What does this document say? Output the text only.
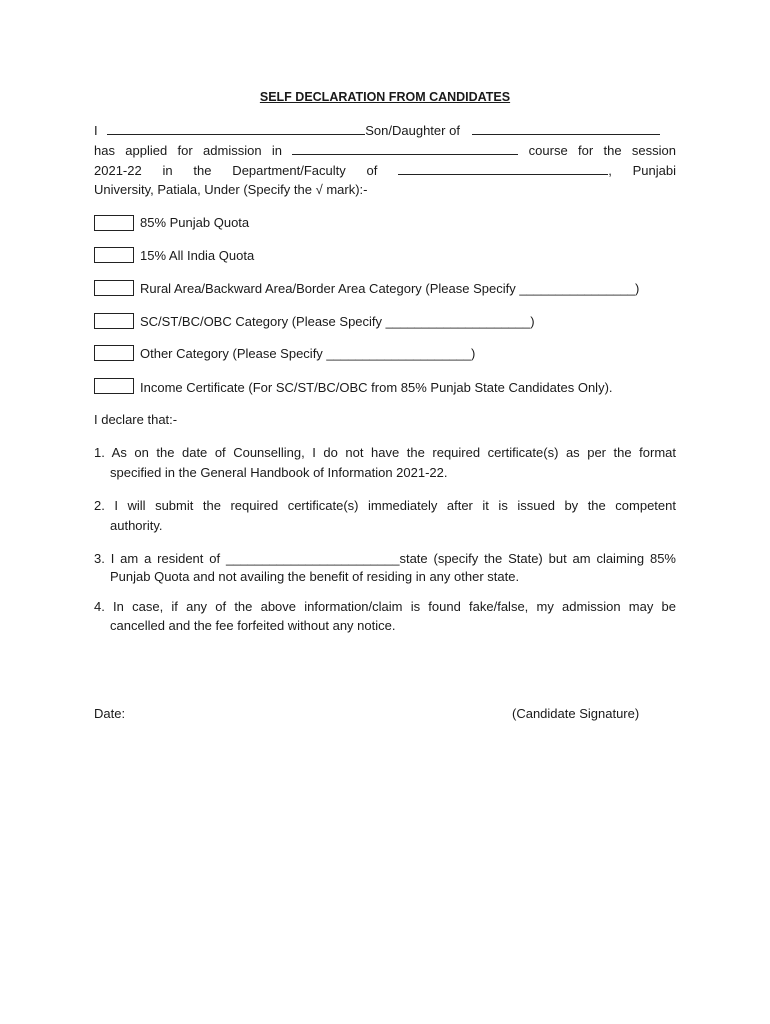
SELF DECLARATION FROM CANDIDATES
I	Son/Daughter of
has applied for admission in	course for the session
2021-22 in the Department/Faculty of	, Punjabi
University, Patiala, Under (Specify the √ mark):-
85% Punjab Quota
15% All India Quota
Rural Area/Backward Area/Border Area Category (Please Specify ________________)
SC/ST/BC/OBC Category (Please Specify ____________________)
Other Category (Please Specify ____________________)
Income Certificate (For SC/ST/BC/OBC from 85% Punjab State Candidates Only).
I declare that:-
1. As on the date of Counselling, I do not have the required certificate(s) as per the format
specified in the General Handbook of Information 2021-22.
2. I will submit the required certificate(s) immediately after it is issued by the competent
authority.
3. I am a resident of ________________________state (specify the State) but am claiming 85%
Punjab Quota and not availing the benefit of residing in any other state.
4. In case, if any of the above information/claim is found fake/false, my admission may be
cancelled and the fee forfeited without any notice.
Date:	(Candidate Signature)
